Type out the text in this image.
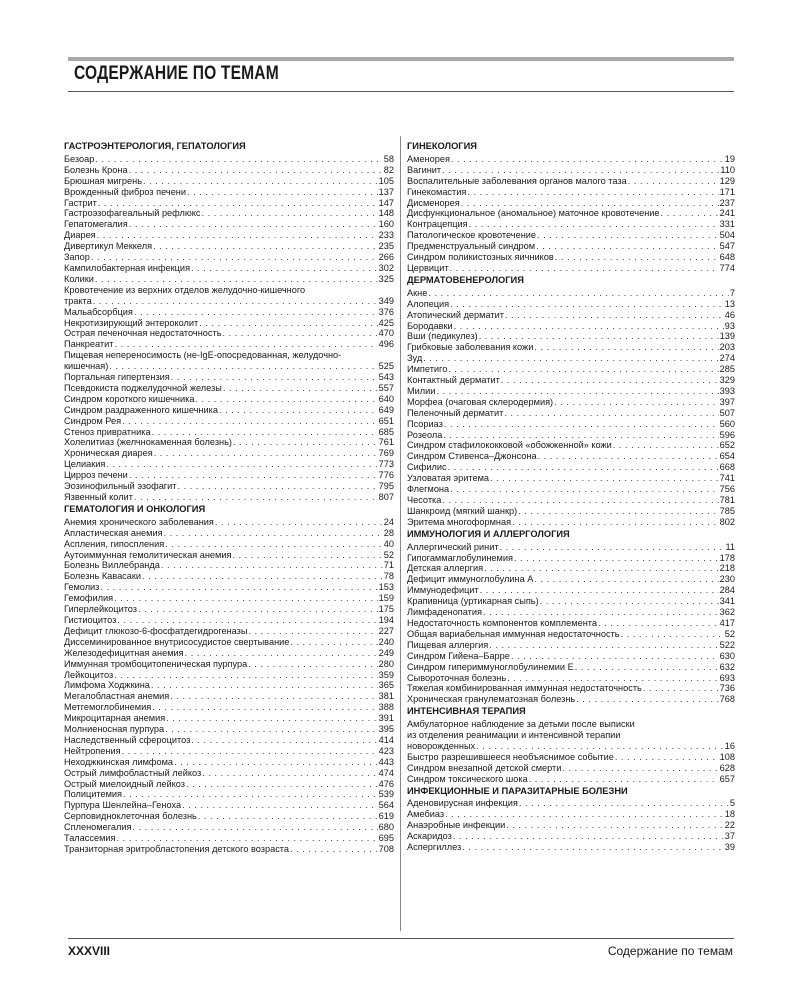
СОДЕРЖАНИЕ ПО ТЕМАМ
ГАСТРОЭНТЕРОЛОГИЯ, ГЕПАТОЛОГИЯ
Безоар . . .	58
Болезнь Крона . . .	82
Брюшная мигрень . . .	105
Врожденный фиброз печени . . .	137
Гастрит . . .	147
Гастроэзофагеальный рефлюкс . . .	148
Гепатомегалия . . .	160
Диарея . . .	233
Дивертикул Меккеля . . .	235
Запор . . .	266
Кампилобактерная инфекция . . .	302
Колики . . .	325
Кровотечение из верхних отделов желудочно-кишечного
тракта . . .	349
Мальабсорбция . . .	376
Некротизирующий энтероколит . . .	425
Острая печеночная недостаточность . . .	470
Панкреатит . . .	496
Пищевая непереносимость (не-IgE-опосредованная, желудочно-
кишечная) . . .	525
Портальная гипертензия . . .	543
Псевдокиста поджелудочной железы . . .	557
Синдром короткого кишечника . . .	640
Синдром раздраженного кишечника . . .	649
Синдром Рея . . .	651
Стеноз привратника . . .	685
Холелитиаз (желчнокаменная болезнь) . . .	761
Хроническая диарея . . .	769
Целиакия . . .	773
Цирроз печени . . .	776
Эозинофильный эзофагит . . .	795
Язвенный колит . . .	807
ГЕМАТОЛОГИЯ И ОНКОЛОГИЯ
Анемия хронического заболевания . . .	24
Апластическая анемия . . .	28
Аспления, гипоспления . . .	40
Аутоиммунная гемолитическая анемия . . .	52
Болезнь Виллебранда . . .	71
Болезнь Кавасаки . . .	78
Гемолиз . . .	153
Гемофилия . . .	159
Гиперлейкоцитоз . . .	175
Гистиоцитоз . . .	194
Дефицит глюкозо-6-фосфатдегидрогеназы . . .	227
Диссеминированное внутрисосудистое свертывание . . .	240
Железодефицитная анемия . . .	249
Иммунная тромбоцитопеническая пурпура . . .	280
Лейкоцитоз . . .	359
Лимфома Ходжкина . . .	365
Мегалобластная анемия . . .	381
Метгемоглобинемия . . .	388
Микроцитарная анемия . . .	391
Молниеносная пурпура . . .	395
Наследственный сфероцитоз . . .	414
Нейтропения . . .	423
Неходжкинская лимфома . . .	443
Острый лимфобластный лейкоз . . .	474
Острый миелоидный лейкоз . . .	476
Полицитемия . . .	539
Пурпура Шенлейна–Геноха . . .	564
Серповидноклеточная болезнь . . .	619
Спленомегалия . . .	680
Талассемия . . .	695
Транзиторная эритробластопения детского возраста . . .	708
ГИНЕКОЛОГИЯ
Аменорея . . .	19
Вагинит . . .	110
Воспалительные заболевания органов малого таза . . .	129
Гинекомастия . . .	171
Дисменорея . . .	237
Дисфункциональное (аномальное) маточное кровотечение . . .	241
Контрацепция . . .	331
Патологическое кровотечение . . .	504
Предменструальный синдром . . .	547
Синдром поликистозных яичников . . .	648
Цервицит . . .	774
ДЕРМАТОВЕНЕРОЛОГИЯ
Акне . . .	7
Алопеция . . .	13
Атопический дерматит . . .	46
Бородавки . . .	93
Вши (педикулез) . . .	139
Грибковые заболевания кожи . . .	203
Зуд . . .	274
Импетиго . . .	285
Контактный дерматит . . .	329
Милии . . .	393
Морфеа (очаговая склеродермия) . . .	397
Пеленочный дерматит . . .	507
Псориаз . . .	560
Розеола . . .	596
Синдром стафилококковой «обожженной» кожи . . .	652
Синдром Стивенса–Джонсона . . .	654
Сифилис . . .	668
Узловатая эритема . . .	741
Флегмона . . .	756
Чесотка . . .	781
Шанкроид (мягкий шанкр) . . .	785
Эритема многоформная . . .	802
ИММУНОЛОГИЯ И АЛЛЕРГОЛОГИЯ
Аллергический ринит . . .	11
Гипогаммаглобулинемия . . .	178
Детская аллергия . . .	218
Дефицит иммуноглобулина А . . .	230
Иммунодефицит . . .	284
Крапивница (уртикарная сыпь) . . .	341
Лимфаденопатия . . .	362
Недостаточность компонентов комплемента . . .	417
Общая вариабельная иммунная недостаточность . . .	52
Пищевая аллергия . . .	522
Синдром Гийена–Барре . . .	630
Синдром гипериммуноглобулинемии Е . . .	632
Сывороточная болезнь . . .	693
Тяжелая комбинированная иммунная недостаточность . . .	736
Хроническая гранулематозная болезнь . . .	768
ИНТЕНСИВНАЯ ТЕРАПИЯ
Амбулаторное наблюдение за детьми после выписки
из отделения реанимации и интенсивной терапии
новорожденных . . .	16
Быстро разрешившееся необъяснимое событие . . .	108
Синдром внезапной детской смерти . . .	628
Синдром токсического шока . . .	657
ИНФЕКЦИОННЫЕ И ПАРАЗИТАРНЫЕ БОЛЕЗНИ
Аденовирусная инфекция . . .	5
Амебиаз . . .	18
Анаэробные инфекции . . .	22
Аскаридоз . . .	37
Аспергиллез . . .	39
XXXVIII	Содержание по темам
